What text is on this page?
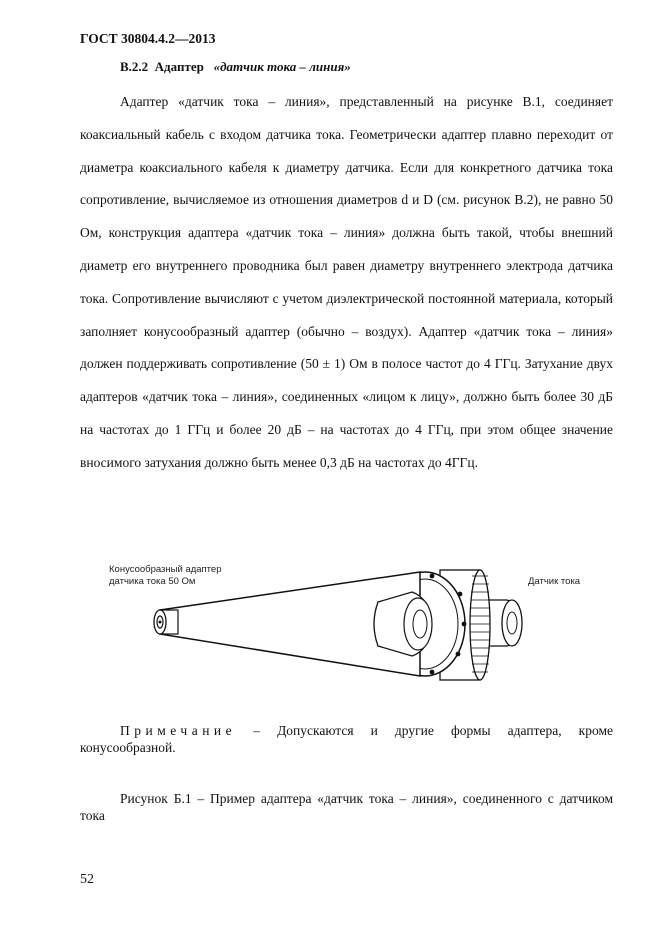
ГОСТ 30804.4.2—2013
B.2.2 Адаптер «датчик тока – линия»

Адаптер «датчик тока – линия», представленный на рисунке В.1, соединяет коаксиальный кабель с входом датчика тока. Геометрически адаптер плавно переходит от диаметра коаксиального кабеля к диаметру датчика. Если для конкретного датчика тока сопротивление, вычисляемое из отношения диаметров d и D (см. рисунок В.2), не равно 50 Ом, конструкция адаптера «датчик тока – линия» должна быть такой, чтобы внешний диаметр его внутреннего проводника был равен диаметру внутреннего электрода датчика тока. Сопротивление вычисляют с учетом диэлектрической постоянной материала, который заполняет конусообразный адаптер (обычно – воздух). Адаптер «датчик тока – линия» должен поддерживать сопротивление (50 ± 1) Ом в полосе частот до 4 ГГц. Затухание двух адаптеров «датчик тока – линия», соединенных «лицом к лицу», должно быть более 30 дБ на частотах до 1 ГГц и более 20 дБ – на частотах до 4 ГГц, при этом общее значение вносимого затухания должно быть менее 0,3 дБ на частотах до 4ГГц.

Конусообразный адаптер
датчика тока 50 Ом	Датчик тока

Примечание – Допускаются и другие формы адаптера, кроме конусообразной.

Рисунок Б.1 – Пример адаптера «датчик тока – линия», соединенного с датчиком тока

52
